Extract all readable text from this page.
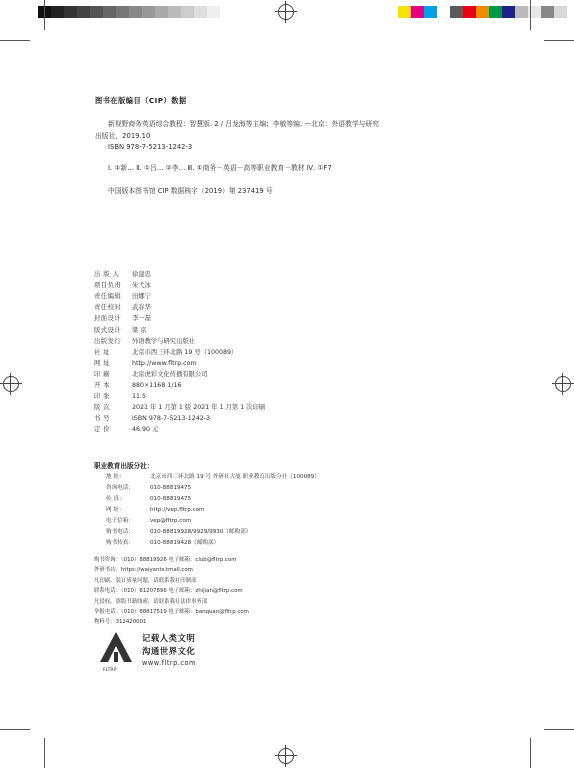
图书在版编目（CIP）数据
新视野商务英语综合教程：智慧版. 2 / 吕龙海等主编；李敏等编. —北京：外语教学与研究
出版社，2019.10
ISBN 978-7-5213-1242-3
Ⅰ. ①新… Ⅱ. ①吕… ②李… Ⅲ. ①商务－英语－高等职业教育－教材 Ⅳ. ①F7
中国版本图书馆 CIP 数据核字（2019）第 237419 号
出 版 人 徐建忠
项目负责 朱弋冰
责任编辑 田娜宁
责任校对 武春华
封面设计 李一磊
版式设计 梁 京
出版发行 外语教学与研究出版社
社 址	北京市西三环北路 19 号（100089）
网 址	http://www.fltrp.com
印 刷	北京虎彩文化传播有限公司
开 本	880×1168 1/16
印 张	11.5
版 次	2021 年 1 月第 1 版 2021 年 1 月第 1 次印刷
书 号	ISBN 978-7-5213-1242-3
定 价	46.90 元
职业教育出版分社：
地 址：	北京市西三环北路 19 号 外研社大厦 职业教育出版分社（100089）
咨询电话：	010-88819475
传 真：	010-88819475
网 址：	http://vep.fltrp.com
电子信箱：	vep@fltrp.com
购书电话：	010-88819928/9929/9930（邮购部）
购书传真：	010-88819428（邮购部）
购书咨询：（010）88819926 电子邮箱：club@fltrp.com
外研书店：https://waiyants.tmall.com
凡印刷、装订质量问题，请联系我社印制部
联系电话：（010）61207896 电子邮箱：zhijian@fltrp.com
凡侵权、盗版书籍线索，请联系我社法律事务部
举报电话：（010）88817519 电子邮箱：banquan@fltrp.com
物料号：312420001
FLTRP
记载人类文明
沟通世界文化
www.fltrp.com
